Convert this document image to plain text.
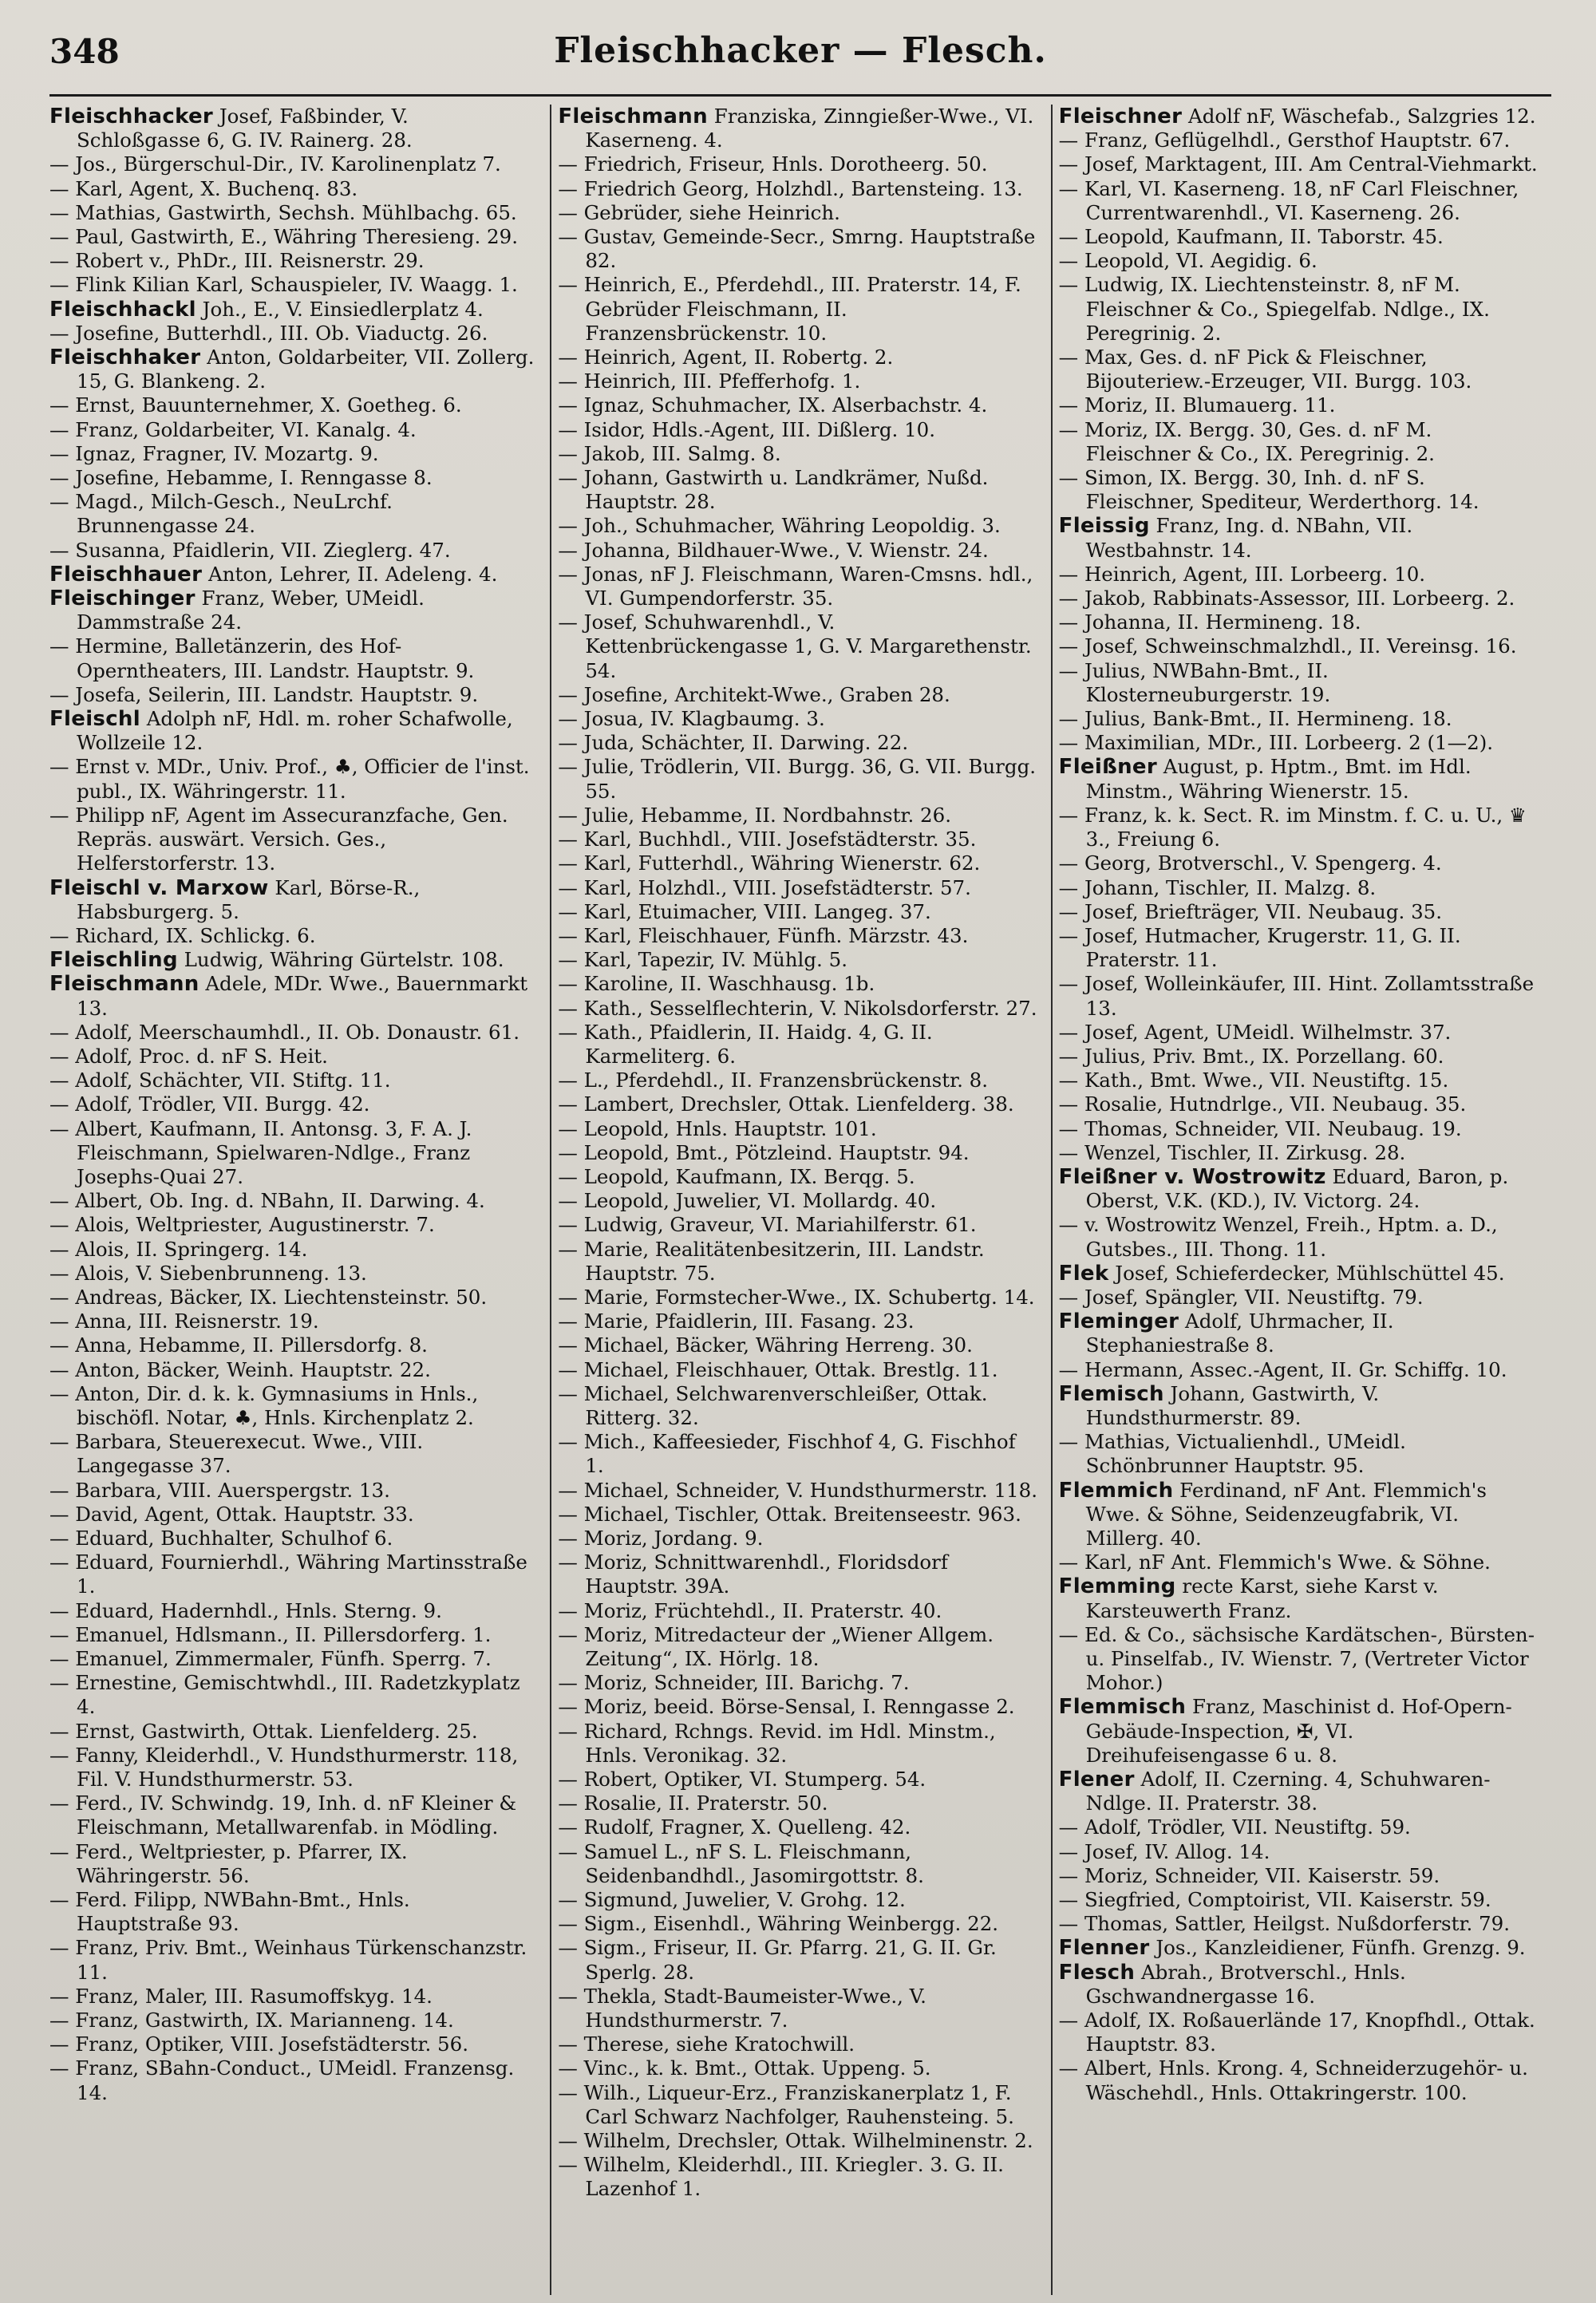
348	Fleischhacker — Flesch.

Fleischhacker Josef, Faßbinder, V. Schloßgasse 6, G. IV. Rainerg. 28.

— Jos., Bürgerschul-Dir., IV. Karolinenplatz 7.

— Karl, Agent, X. Buchenq. 83.

— Mathias, Gastwirth, Sechsh. Mühlbachg. 65.

— Paul, Gastwirth, E., Währing Theresieng. 29.

— Robert v., PhDr., III. Reisnerstr. 29.

— Flink Kilian Karl, Schauspieler, IV. Waagg. 1.

Fleischhackl Joh., E., V. Einsiedlerplatz 4.

— Josefine, Butterhdl., III. Ob. Viaductg. 26.

Fleischhaker Anton, Goldarbeiter, VII. Zollerg. 15, G. Blankeng. 2.

— Ernst, Bauunternehmer, X. Goetheg. 6.

— Franz, Goldarbeiter, VI. Kanalg. 4.

— Ignaz, Fragner, IV. Mozartg. 9.

— Josefine, Hebamme, I. Renngasse 8.

— Magd., Milch-Gesch., NeuLrchf. Brunnengasse 24.

— Susanna, Pfaidlerin, VII. Zieglerg. 47.

Fleischhauer Anton, Lehrer, II. Adeleng. 4.

Fleischinger Franz, Weber, UMeidl. Dammstraße 24.

— Hermine, Balletänzerin, des Hof-Operntheaters, III. Landstr. Hauptstr. 9.

— Josefa, Seilerin, III. Landstr. Hauptstr. 9.

Fleischl Adolph nF, Hdl. m. roher Schafwolle, Wollzeile 12.

— Ernst v. MDr., Univ. Prof., ♣, Officier de l'inst. publ., IX. Währingerstr. 11.

— Philipp nF, Agent im Assecuranzfache, Gen. Repräs. auswärt. Versich. Ges., Helferstorferstr. 13.

Fleischl v. Marxow Karl, Börse-R., Habsburgerg. 5.

— Richard, IX. Schlickg. 6.

Fleischling Ludwig, Währing Gürtelstr. 108.

Fleischmann Adele, MDr. Wwe., Bauernmarkt 13.

— Adolf, Meerschaumhdl., II. Ob. Donaustr. 61.

— Adolf, Proc. d. nF S. Heit.

— Adolf, Schächter, VII. Stiftg. 11.

— Adolf, Trödler, VII. Burgg. 42.

— Albert, Kaufmann, II. Antonsg. 3, F. A. J. Fleischmann, Spielwaren-Ndlge., Franz Josephs-Quai 27.

— Albert, Ob. Ing. d. NBahn, II. Darwing. 4.

— Alois, Weltpriester, Augustinerstr. 7.

— Alois, II. Springerg. 14.

— Alois, V. Siebenbrunneng. 13.

— Andreas, Bäcker, IX. Liechtensteinstr. 50.

— Anna, III. Reisnerstr. 19.

— Anna, Hebamme, II. Pillersdorfg. 8.

— Anton, Bäcker, Weinh. Hauptstr. 22.

— Anton, Dir. d. k. k. Gymnasiums in Hnls., bischöfl. Notar, ♣, Hnls. Kirchenplatz 2.

— Barbara, Steuerexecut. Wwe., VIII. Langegasse 37.

— Barbara, VIII. Auerspergstr. 13.

— David, Agent, Ottak. Hauptstr. 33.

— Eduard, Buchhalter, Schulhof 6.

— Eduard, Fournierhdl., Währing Martinsstraße 1.

— Eduard, Hadernhdl., Hnls. Sterng. 9.

— Emanuel, Hdlsmann., II. Pillersdorferg. 1.

— Emanuel, Zimmermaler, Fünfh. Sperrg. 7.

— Ernestine, Gemischtwhdl., III. Radetzkyplatz 4.

— Ernst, Gastwirth, Ottak. Lienfelderg. 25.

— Fanny, Kleiderhdl., V. Hundsthurmerstr. 118, Fil. V. Hundsthurmerstr. 53.

— Ferd., IV. Schwindg. 19, Inh. d. nF Kleiner & Fleischmann, Metallwarenfab. in Mödling.

— Ferd., Weltpriester, p. Pfarrer, IX. Währingerstr. 56.

— Ferd. Filipp, NWBahn-Bmt., Hnls. Hauptstraße 93.

— Franz, Priv. Bmt., Weinhaus Türkenschanzstr. 11.

— Franz, Maler, III. Rasumoffskyg. 14.

— Franz, Gastwirth, IX. Mariannеng. 14.

— Franz, Optiker, VIII. Josefstädterstr. 56.

— Franz, SBahn-Conduct., UMeidl. Franzensg. 14.

Fleischmann Franziska, Zinngießer-Wwe., VI. Kaserneng. 4.

— Friedrich, Friseur, Hnls. Dorotheerg. 50.

— Friedrich Georg, Holzhdl., Bartensteing. 13.

— Gebrüder, siehe Heinrich.

— Gustav, Gemeinde-Secr., Smrng. Hauptstraße 82.

— Heinrich, E., Pferdehdl., III. Praterstr. 14, F. Gebrüder Fleischmann, II. Franzensbrückenstr. 10.

— Heinrich, Agent, II. Robertg. 2.

— Heinrich, III. Pfefferhofg. 1.

— Ignaz, Schuhmacher, IX. Alserbachstr. 4.

— Isidor, Hdls.-Agent, III. Dißlerg. 10.

— Jakob, III. Salmg. 8.

— Johann, Gastwirth u. Landkrämer, Nußd. Hauptstr. 28.

— Joh., Schuhmacher, Währing Leopoldig. 3.

— Johanna, Bildhauer-Wwe., V. Wienstr. 24.

— Jonas, nF J. Fleischmann, Waren-Cmsns. hdl., VI. Gumpendorferstr. 35.

— Josef, Schuhwarenhdl., V. Kettenbrückengasse 1, G. V. Margarethenstr. 54.

— Josefine, Architekt-Wwe., Graben 28.

— Josua, IV. Klagbaumg. 3.

— Juda, Schächter, II. Darwing. 22.

— Julie, Trödlerin, VII. Burgg. 36, G. VII. Burgg. 55.

— Julie, Hebamme, II. Nordbahnstr. 26.

— Karl, Buchhdl., VIII. Josefstädterstr. 35.

— Karl, Futterhdl., Währing Wienerstr. 62.

— Karl, Holzhdl., VIII. Josefstädterstr. 57.

— Karl, Etuimacher, VIII. Langeg. 37.

— Karl, Fleischhauer, Fünfh. Märzstr. 43.

— Karl, Tapezir, IV. Mühlg. 5.

— Karoline, II. Waschhausg. 1b.

— Kath., Sesselflechterin, V. Nikolsdorferstr. 27.

— Kath., Pfaidlerin, II. Haidg. 4, G. II. Karmeliterg. 6.

— L., Pferdehdl., II. Franzensbrückenstr. 8.

— Lambert, Drechsler, Ottak. Lienfelderg. 38.

— Leopold, Hnls. Hauptstr. 101.

— Leopold, Bmt., Pötzleind. Hauptstr. 94.

— Leopold, Kaufmann, IX. Berqg. 5.

— Leopold, Juwelier, VI. Mollardg. 40.

— Ludwig, Graveur, VI. Mariahilferstr. 61.

— Marie, Realitätenbesitzerin, III. Landstr. Hauptstr. 75.

— Marie, Formstecher-Wwe., IX. Schubertg. 14.

— Marie, Pfaidlerin, III. Fasang. 23.

— Michael, Bäcker, Währing Herreng. 30.

— Michael, Fleischhauer, Ottak. Brestlg. 11.

— Michael, Selchwarenverschleißer, Ottak. Ritterg. 32.

— Mich., Kaffeesieder, Fischhof 4, G. Fischhof 1.

— Michael, Schneider, V. Hundsthurmerstr. 118.

— Michael, Tischler, Ottak. Breitenseestr. 963.

— Moriz, Jordang. 9.

— Moriz, Schnittwarenhdl., Floridsdorf Hauptstr. 39A.

— Moriz, Früchtehdl., II. Praterstr. 40.

— Moriz, Mitredacteur der „Wiener Allgem. Zeitung“, IX. Hörlg. 18.

— Moriz, Schneider, III. Barichg. 7.

— Moriz, beeid. Börse-Sensal, I. Renngasse 2.

— Richard, Rchngs. Revid. im Hdl. Minstm., Hnls. Veronikag. 32.

— Robert, Optiker, VI. Stumperg. 54.

— Rosalie, II. Praterstr. 50.

— Rudolf, Fragner, X. Quelleng. 42.

— Samuel L., nF S. L. Fleischmann, Seidenbandhdl., Jasomirgottstr. 8.

— Sigmund, Juwelier, V. Grohg. 12.

— Sigm., Eisenhdl., Währing Weinbergg. 22.

— Sigm., Friseur, II. Gr. Pfarrg. 21, G. II. Gr. Sperlg. 28.

— Thekla, Stadt-Baumeister-Wwe., V. Hundsthurmerstr. 7.

— Therese, siehe Kratochwill.

— Vinc., k. k. Bmt., Ottak. Uppeng. 5.

— Wilh., Liqueur-Erz., Franziskanerplatz 1, F. Carl Schwarz Nachfolger, Rauhensteing. 5.

— Wilhelm, Drechsler, Ottak. Wilhelminenstr. 2.

— Wilhelm, Kleiderhdl., III. Kriegleг. 3. G. II. Lazenhof 1.

Fleischner Adolf nF, Wäschefab., Salzgries 12.

— Franz, Geflügelhdl., Gersthof Hauptstr. 67.

— Josef, Marktagent, III. Am Central-Viehmarkt.

— Karl, VI. Kaserneng. 18, nF Carl Fleischner, Currentwarenhdl., VI. Kaserneng. 26.

— Leopold, Kaufmann, II. Taborstr. 45.

— Leopold, VI. Aegidig. 6.

— Ludwig, IX. Liechtensteinstr. 8, nF M. Fleischner & Co., Spiegelfab. Ndlge., IX. Peregrinig. 2.

— Max, Ges. d. nF Pick & Fleischner, Bijouteriew.-Erzeuger, VII. Burgg. 103.

— Moriz, II. Blumauerg. 11.

— Moriz, IX. Bergg. 30, Ges. d. nF M. Fleischner & Co., IX. Peregrinig. 2.

— Simon, IX. Bergg. 30, Inh. d. nF S. Fleischner, Spediteur, Werderthorg. 14.

Fleissig Franz, Ing. d. NBahn, VII. Westbahnstr. 14.

— Heinrich, Agent, III. Lorbeerg. 10.

— Jakob, Rabbinats-Assessor, III. Lorbeerg. 2.

— Johanna, II. Hermineng. 18.

— Josef, Schweinschmalzhdl., II. Vereinsg. 16.

— Julius, NWBahn-Bmt., II. Klosterneuburgerstr. 19.

— Julius, Bank-Bmt., II. Hermineng. 18.

— Maximilian, MDr., III. Lorbeerg. 2 (1—2).

Fleißner August, p. Hptm., Bmt. im Hdl. Minstm., Währing Wienerstr. 15.

— Franz, k. k. Sect. R. im Minstm. f. C. u. U., ♛ 3., Freiung 6.

— Georg, Brotverschl., V. Spengerg. 4.

— Johann, Tischler, II. Malzg. 8.

— Josef, Briefträger, VII. Neubaug. 35.

— Josef, Hutmacher, Krugerstr. 11, G. II. Praterstr. 11.

— Josef, Wolleinkäufer, III. Hint. Zollamtsstraße 13.

— Josef, Agent, UMeidl. Wilhelmstr. 37.

— Julius, Priv. Bmt., IX. Porzellang. 60.

— Kath., Bmt. Wwe., VII. Neustiftg. 15.

— Rosalie, Hutndrlge., VII. Neubaug. 35.

— Thomas, Schneider, VII. Neubaug. 19.

— Wenzel, Tischler, II. Zirkusg. 28.

Fleißner v. Wostrowitz Eduard, Baron, p. Oberst, V.K. (KD.), IV. Victorg. 24.

— v. Wostrowitz Wenzel, Freih., Hptm. a. D., Gutsbes., III. Thong. 11.

Flek Josef, Schieferdecker, Mühlschüttel 45.

— Josef, Spängler, VII. Neustiftg. 79.

Fleminger Adolf, Uhrmacher, II. Stephaniestraße 8.

— Hermann, Assec.-Agent, II. Gr. Schiffg. 10.

Flemisch Johann, Gastwirth, V. Hundsthurmerstr. 89.

— Mathias, Victualienhdl., UMeidl. Schönbrunner Hauptstr. 95.

Flemmich Ferdinand, nF Ant. Flemmich's Wwe. & Söhne, Seidenzeugfabrik, VI. Millerg. 40.

— Karl, nF Ant. Flemmich's Wwe. & Söhne.

Flemming recte Karst, siehe Karst v. Karsteuwerth Franz.

— Ed. & Co., sächsische Kardätschen-, Bürsten- u. Pinselfab., IV. Wienstr. 7, (Vertreter Victor Mohor.)

Flemmisch Franz, Maschinist d. Hof-Opern-Gebäude-Inspection, ✠, VI. Dreihufeisengasse 6 u. 8.

Flener Adolf, II. Czerning. 4, Schuhwaren-Ndlge. II. Praterstr. 38.

— Adolf, Trödler, VII. Neustiftg. 59.

— Josef, IV. Allog. 14.

— Moriz, Schneider, VII. Kaiserstr. 59.

— Siegfried, Comptoirist, VII. Kaiserstr. 59.

— Thomas, Sattler, Heilgst. Nußdorferstr. 79.

Flenner Jos., Kanzleidiener, Fünfh. Grenzg. 9.

Flesch Abrah., Brotverschl., Hnls. Gschwandnergasse 16.

— Adolf, IX. Roßauerlände 17, Knopfhdl., Ottak. Hauptstr. 83.

— Albert, Hnls. Krong. 4, Schneiderzugehör- u. Wäschehdl., Hnls. Ottakringerstr. 100.
